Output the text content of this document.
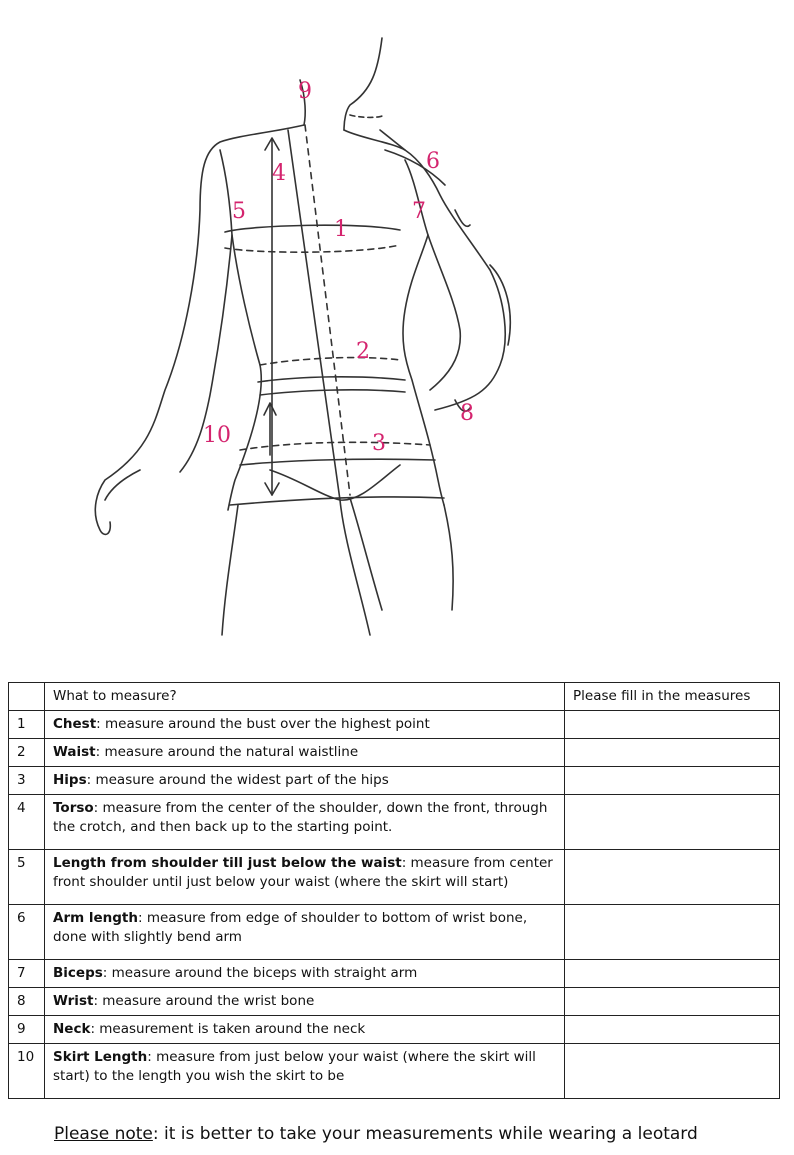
9
4	6
5	7
1
2
10	3
8
	What to measure?	Please fill in the measures
1	Chest: measure around the bust over the highest point	
2	Waist: measure around the natural waistline	
3	Hips: measure around the widest part of the hips	
4	Torso: measure from the center of the shoulder, down the front, through the crotch, and then back up to the starting point.	
5	Length from shoulder till just below the waist: measure from center front shoulder until just below your waist (where the skirt will start)	
6	Arm length: measure from edge of shoulder to bottom of wrist bone, done with slightly bend arm	
7	Biceps: measure around the biceps with straight arm	
8	Wrist: measure around the wrist bone	
9	Neck: measurement is taken around the neck	
10	Skirt Length: measure from just below your waist (where the skirt will start) to the length you wish the skirt to be	
Please note: it is better to take your measurements while wearing a leotard
